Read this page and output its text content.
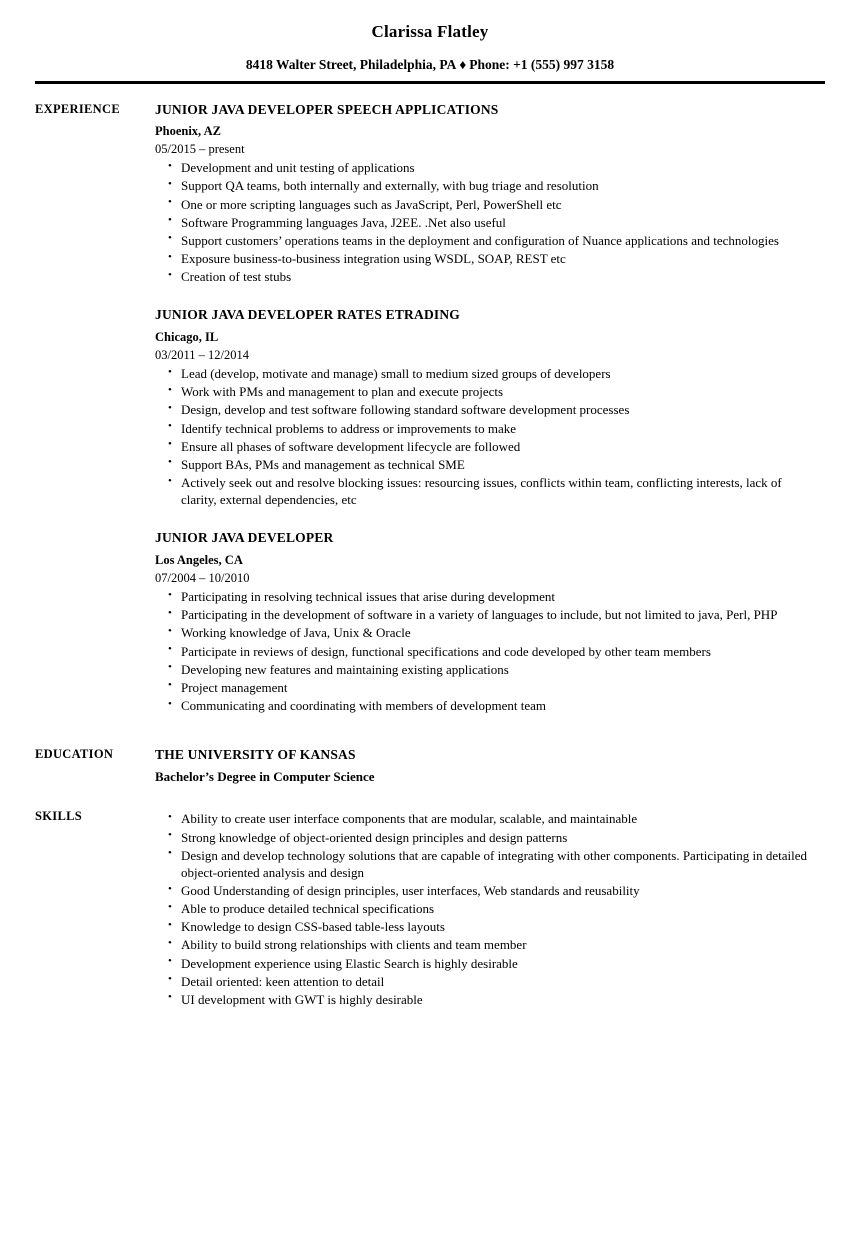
Clarissa Flatley
8418 Walter Street, Philadelphia, PA ♦ Phone: +1 (555) 997 3158
EXPERIENCE	JUNIOR JAVA DEVELOPER SPEECH APPLICATIONS
Phoenix, AZ
05/2015 – present
• Development and unit testing of applications
• Support QA teams, both internally and externally, with bug triage and resolution
• One or more scripting languages such as JavaScript, Perl, PowerShell etc
• Software Programming languages Java, J2EE. .Net also useful
• Support customers’ operations teams in the deployment and configuration of Nuance applications and technologies
• Exposure business-to-business integration using WSDL, SOAP, REST etc
• Creation of test stubs
JUNIOR JAVA DEVELOPER RATES ETRADING
Chicago, IL
03/2011 – 12/2014
• Lead (develop, motivate and manage) small to medium sized groups of developers
• Work with PMs and management to plan and execute projects
• Design, develop and test software following standard software development processes
• Identify technical problems to address or improvements to make
• Ensure all phases of software development lifecycle are followed
• Support BAs, PMs and management as technical SME
• Actively seek out and resolve blocking issues: resourcing issues, conflicts within team, conflicting interests, lack of clarity, external dependencies, etc
JUNIOR JAVA DEVELOPER
Los Angeles, CA
07/2004 – 10/2010
• Participating in resolving technical issues that arise during development
• Participating in the development of software in a variety of languages to include, but not limited to java, Perl, PHP
• Working knowledge of Java, Unix & Oracle
• Participate in reviews of design, functional specifications and code developed by other team members
• Developing new features and maintaining existing applications
• Project management
• Communicating and coordinating with members of development team
EDUCATION	THE UNIVERSITY OF KANSAS
Bachelor’s Degree in Computer Science
SKILLS	• Ability to create user interface components that are modular, scalable, and maintainable
• Strong knowledge of object-oriented design principles and design patterns
• Design and develop technology solutions that are capable of integrating with other components. Participating in detailed object-oriented analysis and design
• Good Understanding of design principles, user interfaces, Web standards and reusability
• Able to produce detailed technical specifications
• Knowledge to design CSS-based table-less layouts
• Ability to build strong relationships with clients and team member
• Development experience using Elastic Search is highly desirable
• Detail oriented: keen attention to detail
• UI development with GWT is highly desirable
